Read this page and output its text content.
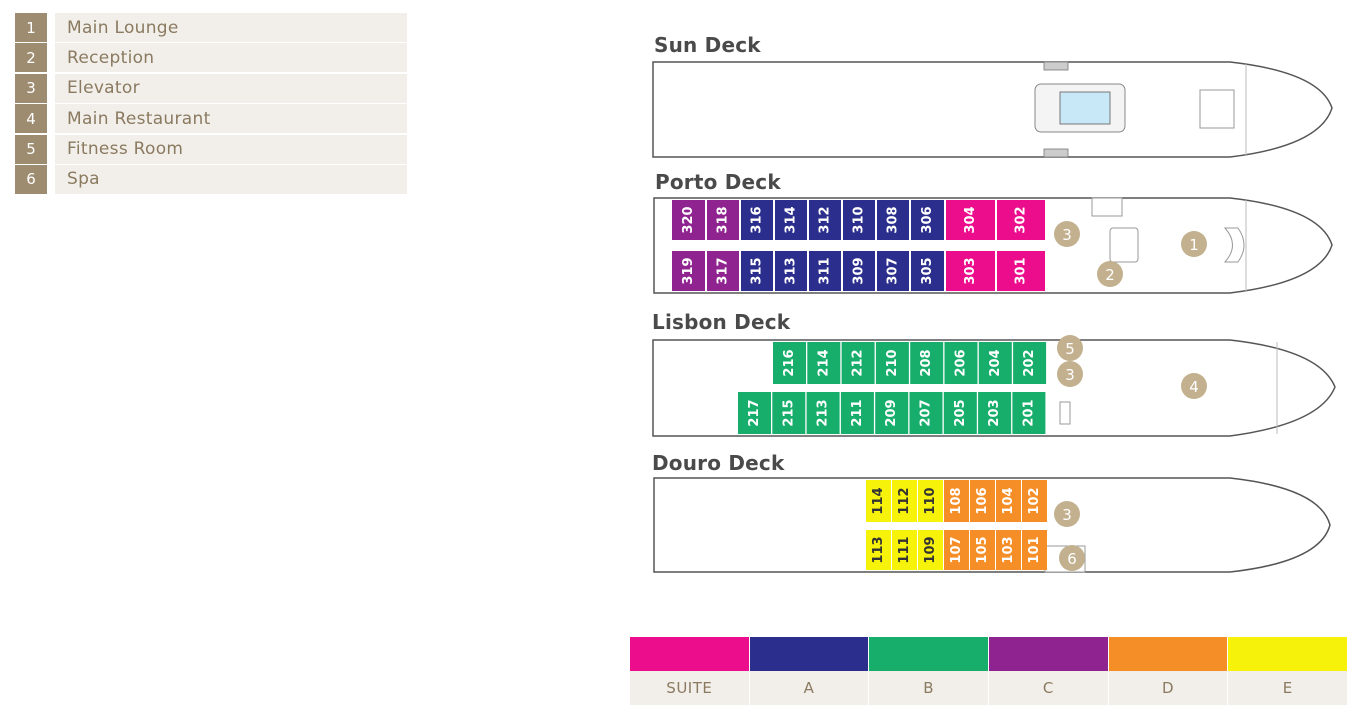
1	Main Lounge
2	Reception
3	Elevator
4	Main Restaurant
5	Fitness Room
6	Spa
Sun Deck
Porto Deck
Lisbon Deck
Douro Deck
320 318 316 314 312 310 308 306 304	302
319 317 315 313 311 309 307 305 303	301
3
1
2
216 214 212 210 208 206 204 202
217 215 213 211 209 207 205 203 201
5
3
4
114 112 110 108 106 104 102
113 111 109 107 105 103 101
3
6
SUITE	A	B	C	D	E
